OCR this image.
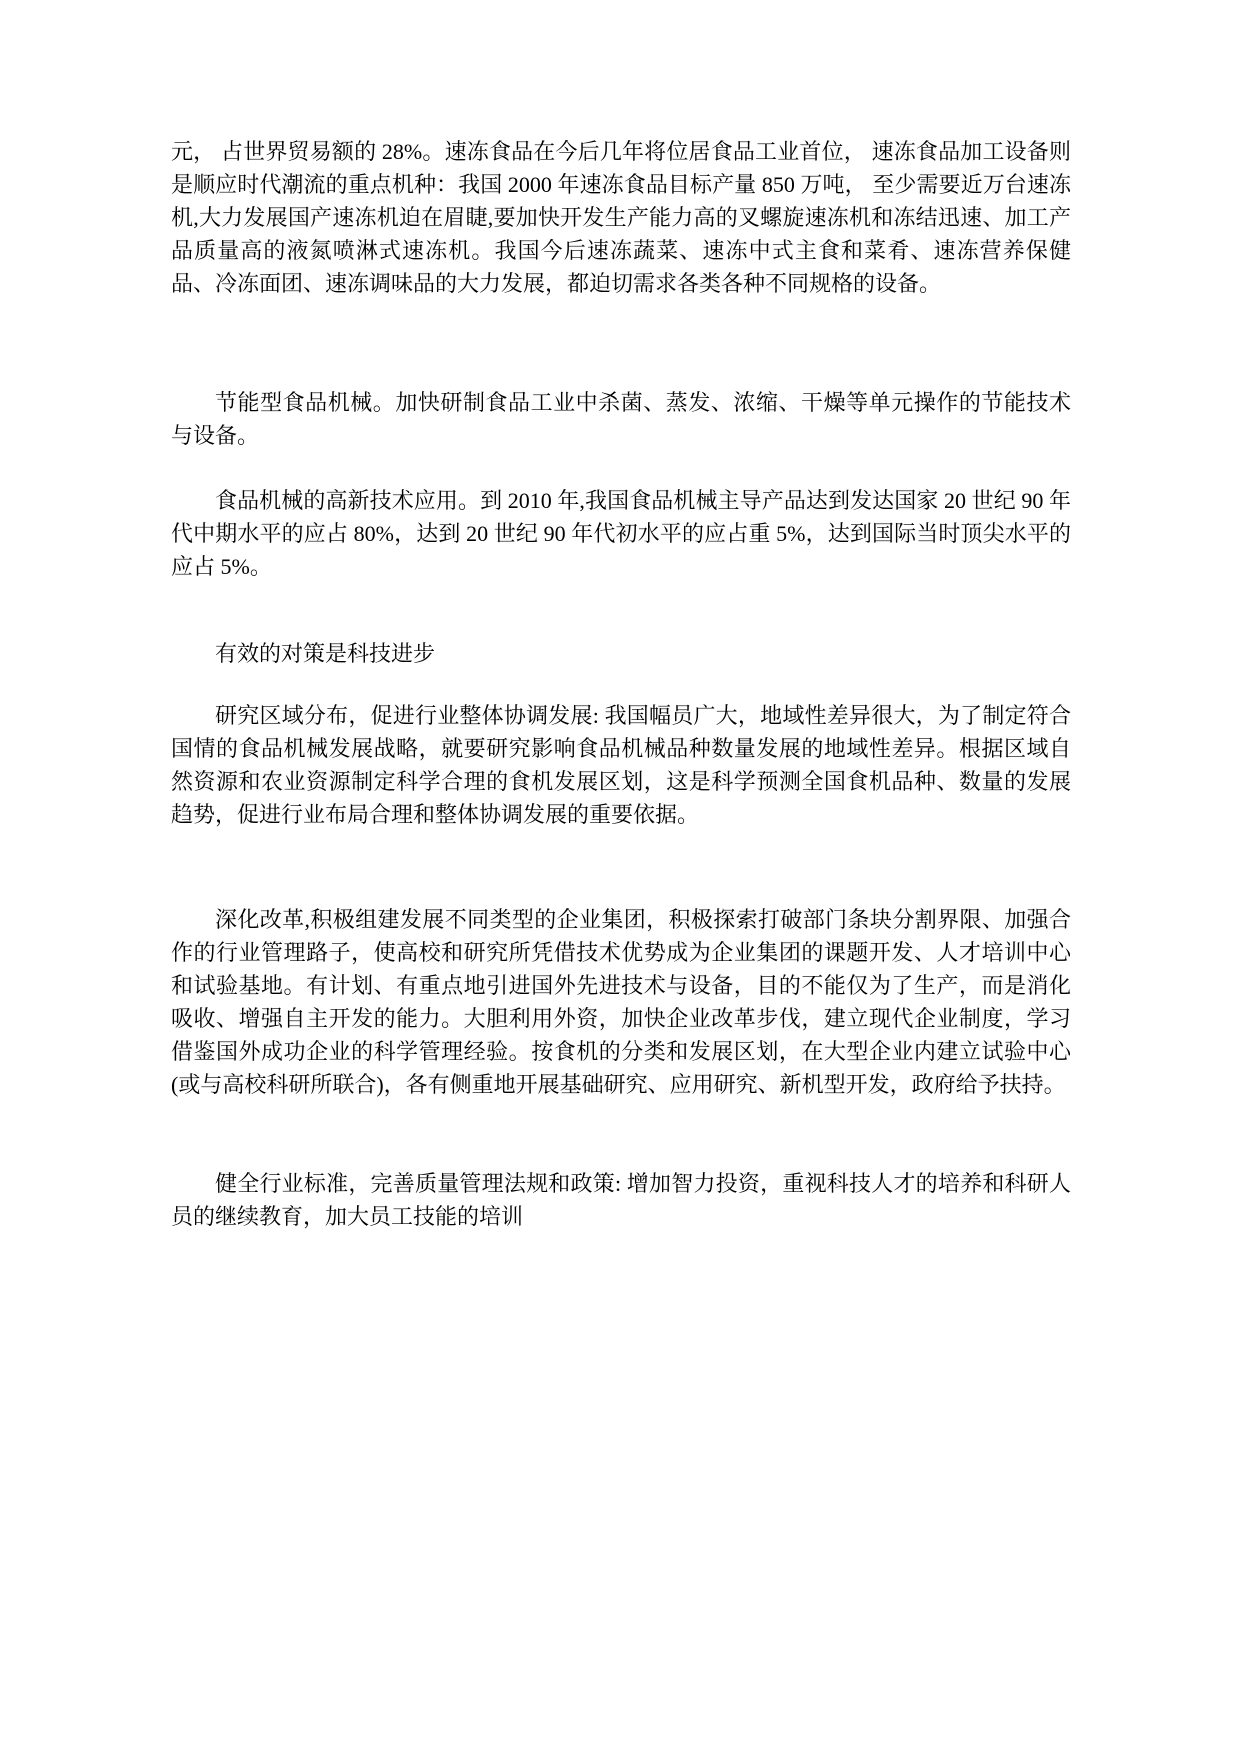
元， 占世界贸易额的 28%。速冻食品在今后几年将位居食品工业首位， 速冻食品加工设备则是顺应时代潮流的重点机种：我国 2000 年速冻食品目标产量 850 万吨， 至少需要近万台速冻机,大力发展国产速冻机迫在眉睫,要加快开发生产能力高的叉螺旋速冻机和冻结迅速、加工产品质量高的液氮喷淋式速冻机。我国今后速冻蔬菜、速冻中式主食和菜肴、速冻营养保健品、冷冻面团、速冻调味品的大力发展，都迫切需求各类各种不同规格的设备。

节能型食品机械。加快研制食品工业中杀菌、蒸发、浓缩、干燥等单元操作的节能技术与设备。

食品机械的高新技术应用。到 2010 年,我国食品机械主导产品达到发达国家 20 世纪 90 年代中期水平的应占 80%，达到 20 世纪 90 年代初水平的应占重 5%，达到国际当时顶尖水平的应占 5%。

有效的对策是科技进步

研究区域分布，促进行业整体协调发展: 我国幅员广大，地域性差异很大，为了制定符合国情的食品机械发展战略，就要研究影响食品机械品种数量发展的地域性差异。根据区域自然资源和农业资源制定科学合理的食机发展区划，这是科学预测全国食机品种、数量的发展趋势，促进行业布局合理和整体协调发展的重要依据。

深化改革,积极组建发展不同类型的企业集团，积极探索打破部门条块分割界限、加强合作的行业管理路子，使高校和研究所凭借技术优势成为企业集团的课题开发、人才培训中心和试验基地。有计划、有重点地引进国外先进技术与设备，目的不能仅为了生产，而是消化吸收、增强自主开发的能力。大胆利用外资，加快企业改革步伐，建立现代企业制度，学习借鉴国外成功企业的科学管理经验。按食机的分类和发展区划，在大型企业内建立试验中心(或与高校科研所联合)，各有侧重地开展基础研究、应用研究、新机型开发，政府给予扶持。

健全行业标准，完善质量管理法规和政策: 增加智力投资，重视科技人才的培养和科研人员的继续教育，加大员工技能的培训
